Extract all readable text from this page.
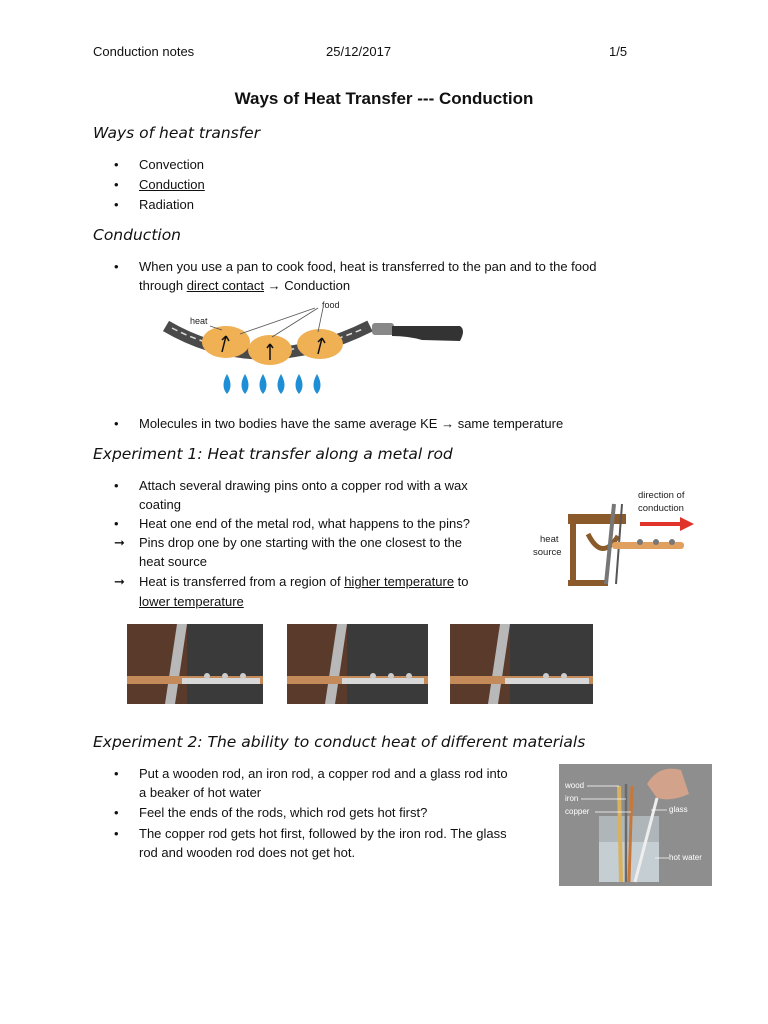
Conduction notes	25/12/2017	1/5
Ways of Heat Transfer --- Conduction
Ways of heat transfer
• Convection
• Conduction
• Radiation
Conduction
• When you use a pan to cook food, heat is transferred to the pan and to the food
through direct contact → Conduction
heat
food
• Molecules in two bodies have the same average KE → same temperature
Experiment 1: Heat transfer along a metal rod
• Attach several drawing pins onto a copper rod with a wax
coating
• Heat one end of the metal rod, what happens to the pins?
➞ Pins drop one by one starting with the one closest to the
heat source
➞ Heat is transferred from a region of higher temperature to
lower temperature
direction of
conduction
heat
source
Experiment 2: The ability to conduct heat of different materials
• Put a wooden rod, an iron rod, a copper rod and a glass rod into
a beaker of hot water
• Feel the ends of the rods, which rod gets hot first?
• The copper rod gets hot first, followed by the iron rod. The glass
rod and wooden rod does not get hot.
wood
iron
copper	glass
hot water
